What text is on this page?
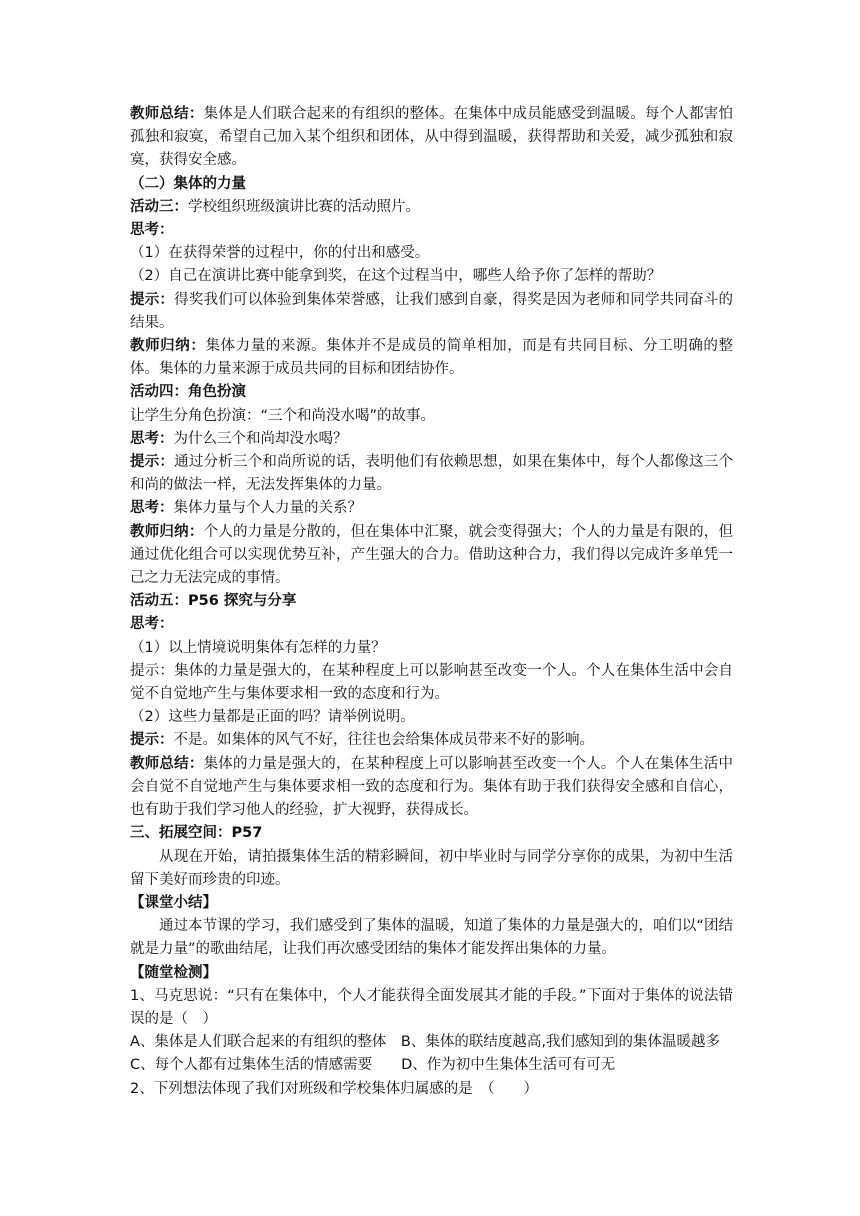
教师总结：集体是人们联合起来的有组织的整体。在集体中成员能感受到温暖。每个人都害怕孤独和寂寞，希望自己加入某个组织和团体，从中得到温暖，获得帮助和关爱，减少孤独和寂寞，获得安全感。

（二）集体的力量

活动三：学校组织班级演讲比赛的活动照片。

思考：

（1）在获得荣誉的过程中，你的付出和感受。

（2）自己在演讲比赛中能拿到奖，在这个过程当中，哪些人给予你了怎样的帮助？

提示：得奖我们可以体验到集体荣誉感，让我们感到自豪，得奖是因为老师和同学共同奋斗的结果。

教师归纳：集体力量的来源。集体并不是成员的简单相加，而是有共同目标、分工明确的整体。集体的力量来源于成员共同的目标和团结协作。

活动四：角色扮演

让学生分角色扮演：“三个和尚没水喝”的故事。

思考：为什么三个和尚却没水喝？

提示：通过分析三个和尚所说的话，表明他们有依赖思想，如果在集体中，每个人都像这三个和尚的做法一样，无法发挥集体的力量。

思考：集体力量与个人力量的关系？

教师归纳：个人的力量是分散的，但在集体中汇聚，就会变得强大；个人的力量是有限的，但通过优化组合可以实现优势互补，产生强大的合力。借助这种合力，我们得以完成许多单凭一己之力无法完成的事情。

活动五：P56 探究与分享

思考：

（1）以上情境说明集体有怎样的力量？

提示：集体的力量是强大的，在某种程度上可以影响甚至改变一个人。个人在集体生活中会自觉不自觉地产生与集体要求相一致的态度和行为。

（2）这些力量都是正面的吗？请举例说明。

提示：不是。如集体的风气不好，往往也会给集体成员带来不好的影响。

教师总结：集体的力量是强大的，在某种程度上可以影响甚至改变一个人。个人在集体生活中会自觉不自觉地产生与集体要求相一致的态度和行为。集体有助于我们获得安全感和自信心，也有助于我们学习他人的经验，扩大视野，获得成长。

三、拓展空间：P57

从现在开始，请拍摄集体生活的精彩瞬间，初中毕业时与同学分享你的成果，为初中生活留下美好而珍贵的印迹。

【课堂小结】

通过本节课的学习，我们感受到了集体的温暖，知道了集体的力量是强大的，咱们以“团结就是力量”的歌曲结尾，让我们再次感受团结的集体才能发挥出集体的力量。

【随堂检测】

1、马克思说：“只有在集体中，个人才能获得全面发展其才能的手段。”下面对于集体的说法错误的是（　）

A、集体是人们联合起来的有组织的整体　B、集体的联结度越高,我们感知到的集体温暖越多

C、每个人都有过集体生活的情感需要　　D、作为初中生集体生活可有可无

2、下列想法体现了我们对班级和学校集体归属感的是　（　　）
